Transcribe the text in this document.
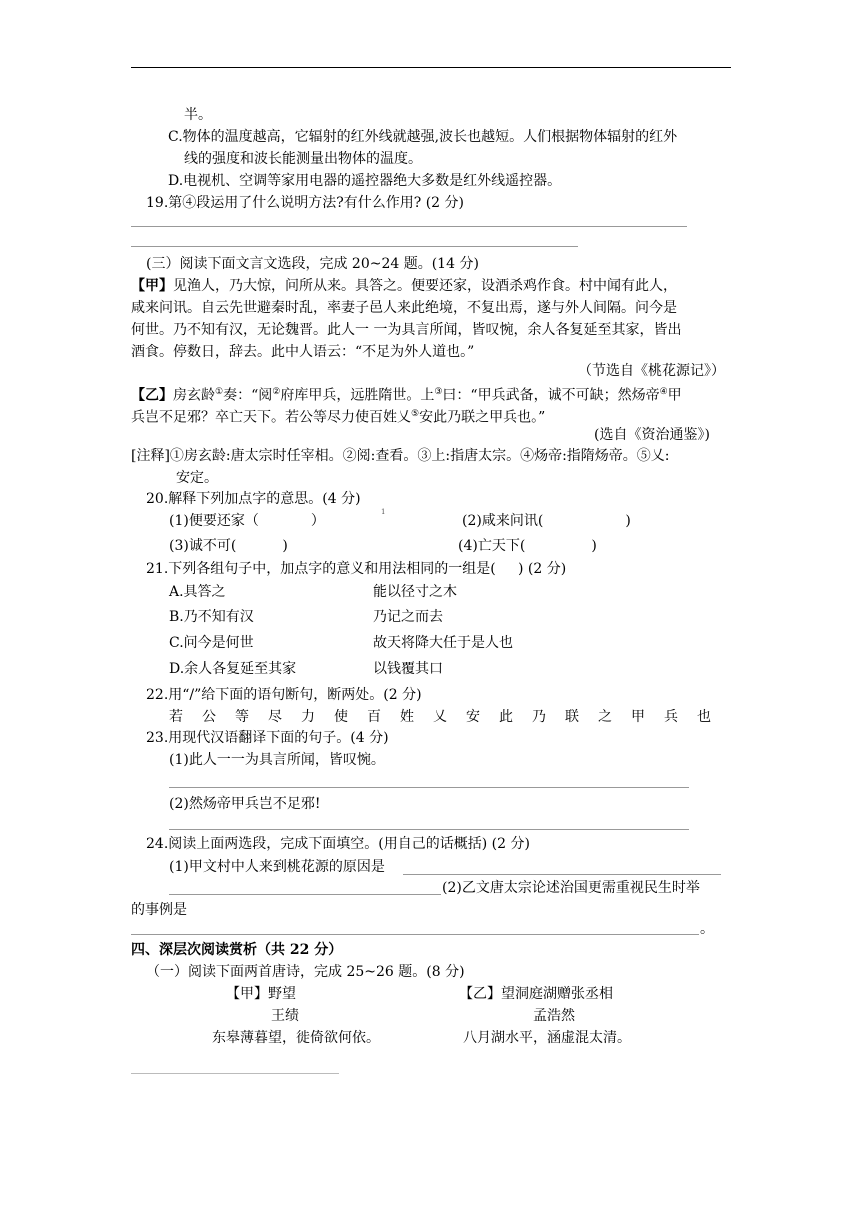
半。
C.物体的温度越高，它辐射的红外线就越强,波长也越短。人们根据物体辐射的红外
线的强度和波长能测量出物体的温度。
D.电视机、空调等家用电器的遥控器绝大多数是红外线遥控器。
19.第④段运用了什么说明方法?有什么作用? (2 分)
(三）阅读下面文言文选段，完成 20~24 题。(14 分)
【甲】见渔人，乃大惊，问所从来。具答之。便要还家，设酒杀鸡作食。村中闻有此人，
咸来问讯。自云先世避秦时乱，率妻子邑人来此绝境，不复出焉，遂与外人间隔。问今是
何世。乃不知有汉，无论魏晋。此人一 一为具言所闻，皆叹惋，余人各复延至其家，皆出
酒食。停数日，辞去。此中人语云：“不足为外人道也。”
（节选自《桃花源记》）
【乙】房玄龄①奏：“阅②府库甲兵，远胜隋世。上③曰：“甲兵武备，诚不可缺；然炀帝④甲
兵岂不足邪？卒亡天下。若公等尽力使百姓乂⑤安此乃联之甲兵也。”
(选自《资治通鉴》)
[注释]①房玄龄:唐太宗时任宰相。②阅:查看。③上:指唐太宗。④炀帝:指隋炀帝。⑤乂:
安定。
20.解释下列加点字的意思。(4 分)
1
(1)便要还家（	）	(2)咸来问讯(	)
(3)诚不可(	)	(4)亡天下(	)
21.下列各组句子中，加点字的意义和用法相同的一组是(     ) (2 分)
A.具答之	能以径寸之木
B.乃不知有汉	乃记之而去
C.问今是何世	故天将降大任于是人也
D.余人各复延至其家	以钱覆其口
22.用“/”给下面的语句断句，断两处。(2 分)
若公等尽力使百姓乂安此乃联之甲兵也
23.用现代汉语翻译下面的句子。(4 分)
(1)此人一一为具言所闻，皆叹惋。
(2)然炀帝甲兵岂不足邪!
24.阅读上面两选段，完成下面填空。(用自己的话概括) (2 分)
(1)甲文村中人来到桃花源的原因是
(2)乙文唐太宗论述治国更需重视民生时举
的事例是
。
四、深层次阅读赏析（共 22 分）
（一）阅读下面两首唐诗，完成 25~26 题。(8 分)
【甲】野望
王绩
东皋薄暮望，徙倚欲何依。
【乙】望洞庭湖赠张丞相
孟浩然
八月湖水平，涵虚混太清。
